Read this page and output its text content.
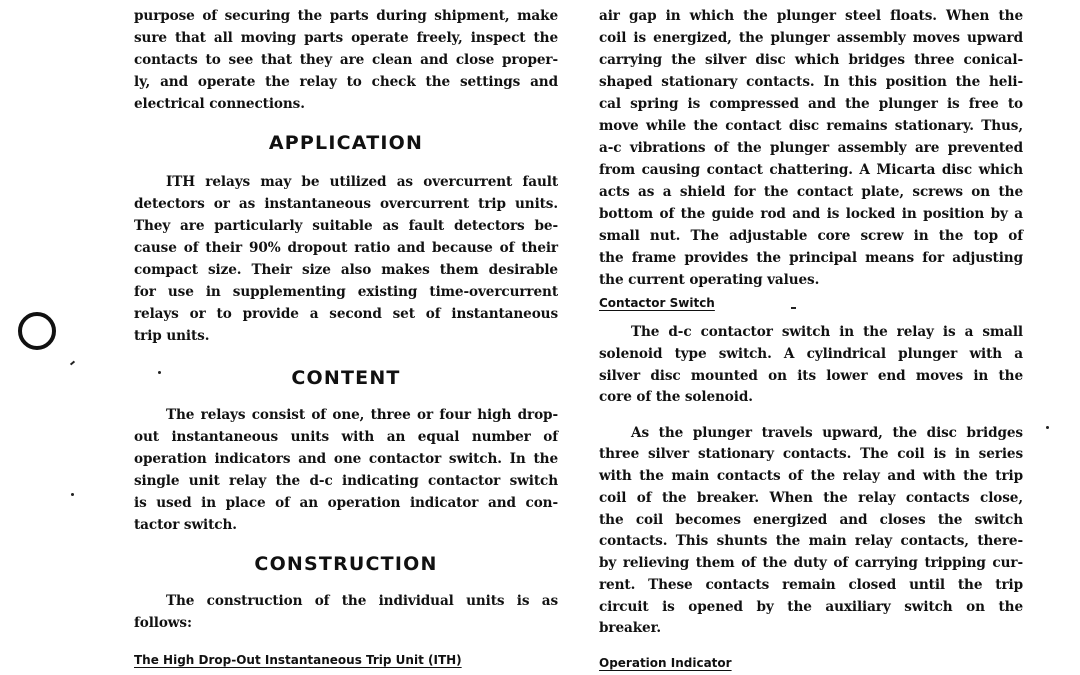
purpose of securing the parts during shipment, make
sure that all moving parts operate freely, inspect the
contacts to see that they are clean and close proper-
ly, and operate the relay to check the settings and
electrical connections.
APPLICATION
ITH relays may be utilized as overcurrent fault
detectors or as instantaneous overcurrent trip units.
They are particularly suitable as fault detectors be-
cause of their 90% dropout ratio and because of their
compact size. Their size also makes them desirable
for use in supplementing existing time-overcurrent
relays or to provide a second set of instantaneous
trip units.
CONTENT
The relays consist of one, three or four high drop-
out instantaneous units with an equal number of
operation indicators and one contactor switch. In the
single unit relay the d-c indicating contactor switch
is used in place of an operation indicator and con-
tactor switch.
CONSTRUCTION
The construction of the individual units is as
follows:
The High Drop-Out Instantaneous Trip Unit (ITH)
air gap in which the plunger steel floats. When the
coil is energized, the plunger assembly moves upward
carrying the silver disc which bridges three conical-
shaped stationary contacts. In this position the heli-
cal spring is compressed and the plunger is free to
move while the contact disc remains stationary. Thus,
a-c vibrations of the plunger assembly are prevented
from causing contact chattering. A Micarta disc which
acts as a shield for the contact plate, screws on the
bottom of the guide rod and is locked in position by a
small nut. The adjustable core screw in the top of
the frame provides the principal means for adjusting
the current operating values.
Contactor Switch
The d-c contactor switch in the relay is a small
solenoid type switch. A cylindrical plunger with a
silver disc mounted on its lower end moves in the
core of the solenoid.
As the plunger travels upward, the disc bridges
three silver stationary contacts. The coil is in series
with the main contacts of the relay and with the trip
coil of the breaker. When the relay contacts close,
the coil becomes energized and closes the switch
contacts. This shunts the main relay contacts, there-
by relieving them of the duty of carrying tripping cur-
rent. These contacts remain closed until the trip
circuit is opened by the auxiliary switch on the
breaker.
Operation Indicator
